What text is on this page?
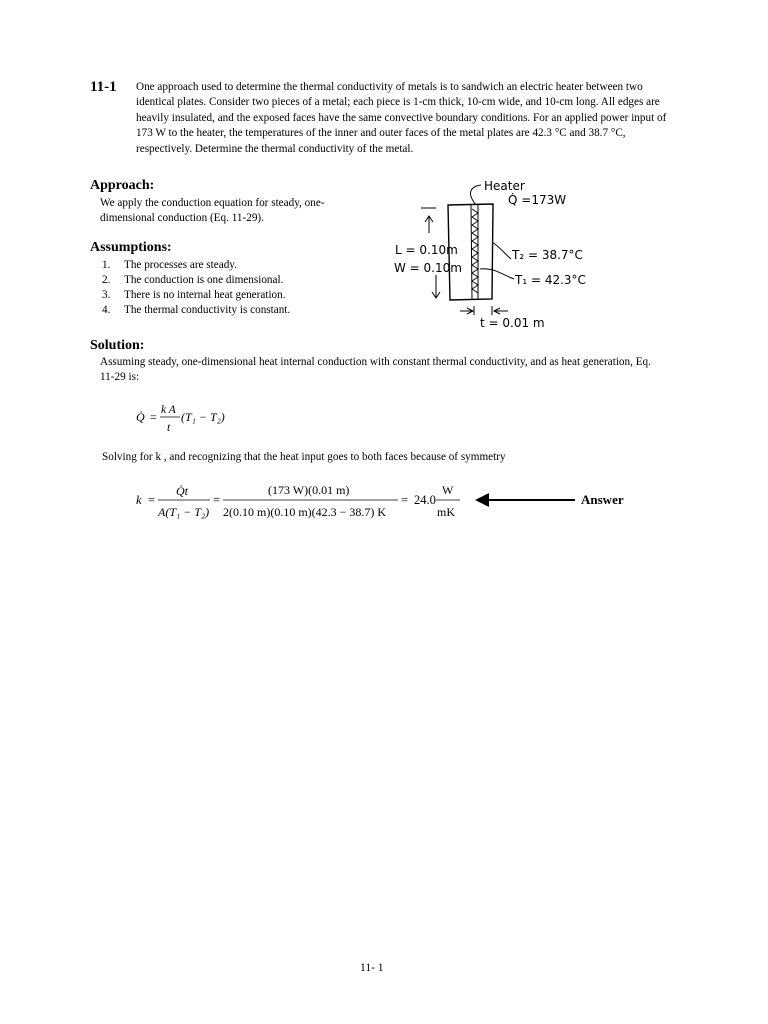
11-1 One approach used to determine the thermal conductivity of metals is to sandwich an electric heater between two identical plates. Consider two pieces of a metal; each piece is 1-cm thick, 10-cm wide, and 10-cm long. All edges are heavily insulated, and the exposed faces have the same convective boundary conditions. For an applied power input of 173 W to the heater, the temperatures of the inner and outer faces of the metal plates are 42.3 °C and 38.7 °C, respectively. Determine the thermal conductivity of the metal.
Approach:
We apply the conduction equation for steady, one-dimensional conduction (Eq. 11-29).
Assumptions:
1.	The processes are steady.
2.	The conduction is one dimensional.
3.	There is no internal heat generation.
4.	The thermal conductivity is constant.
Heater
Q̇ =173W
L = 0.10m
W = 0.10m
T₂ = 38.7°C
T₁ = 42.3°C
t = 0.01 m
Solution:
Assuming steady, one-dimensional heat internal conduction with constant thermal conductivity, and as heat generation, Eq. 11-29 is:
Q̇ = k A
t
(T₁ − T₂)
Solving for k , and recognizing that the heat input goes to both faces because of symmetry
k =
Q̇t
A(T₁ − T₂)
=
(173 W)(0.01 m)
2(0.10 m)(0.10 m)(42.3 − 38.7) K
= 24.0
W
mK
Answer
11- 1
